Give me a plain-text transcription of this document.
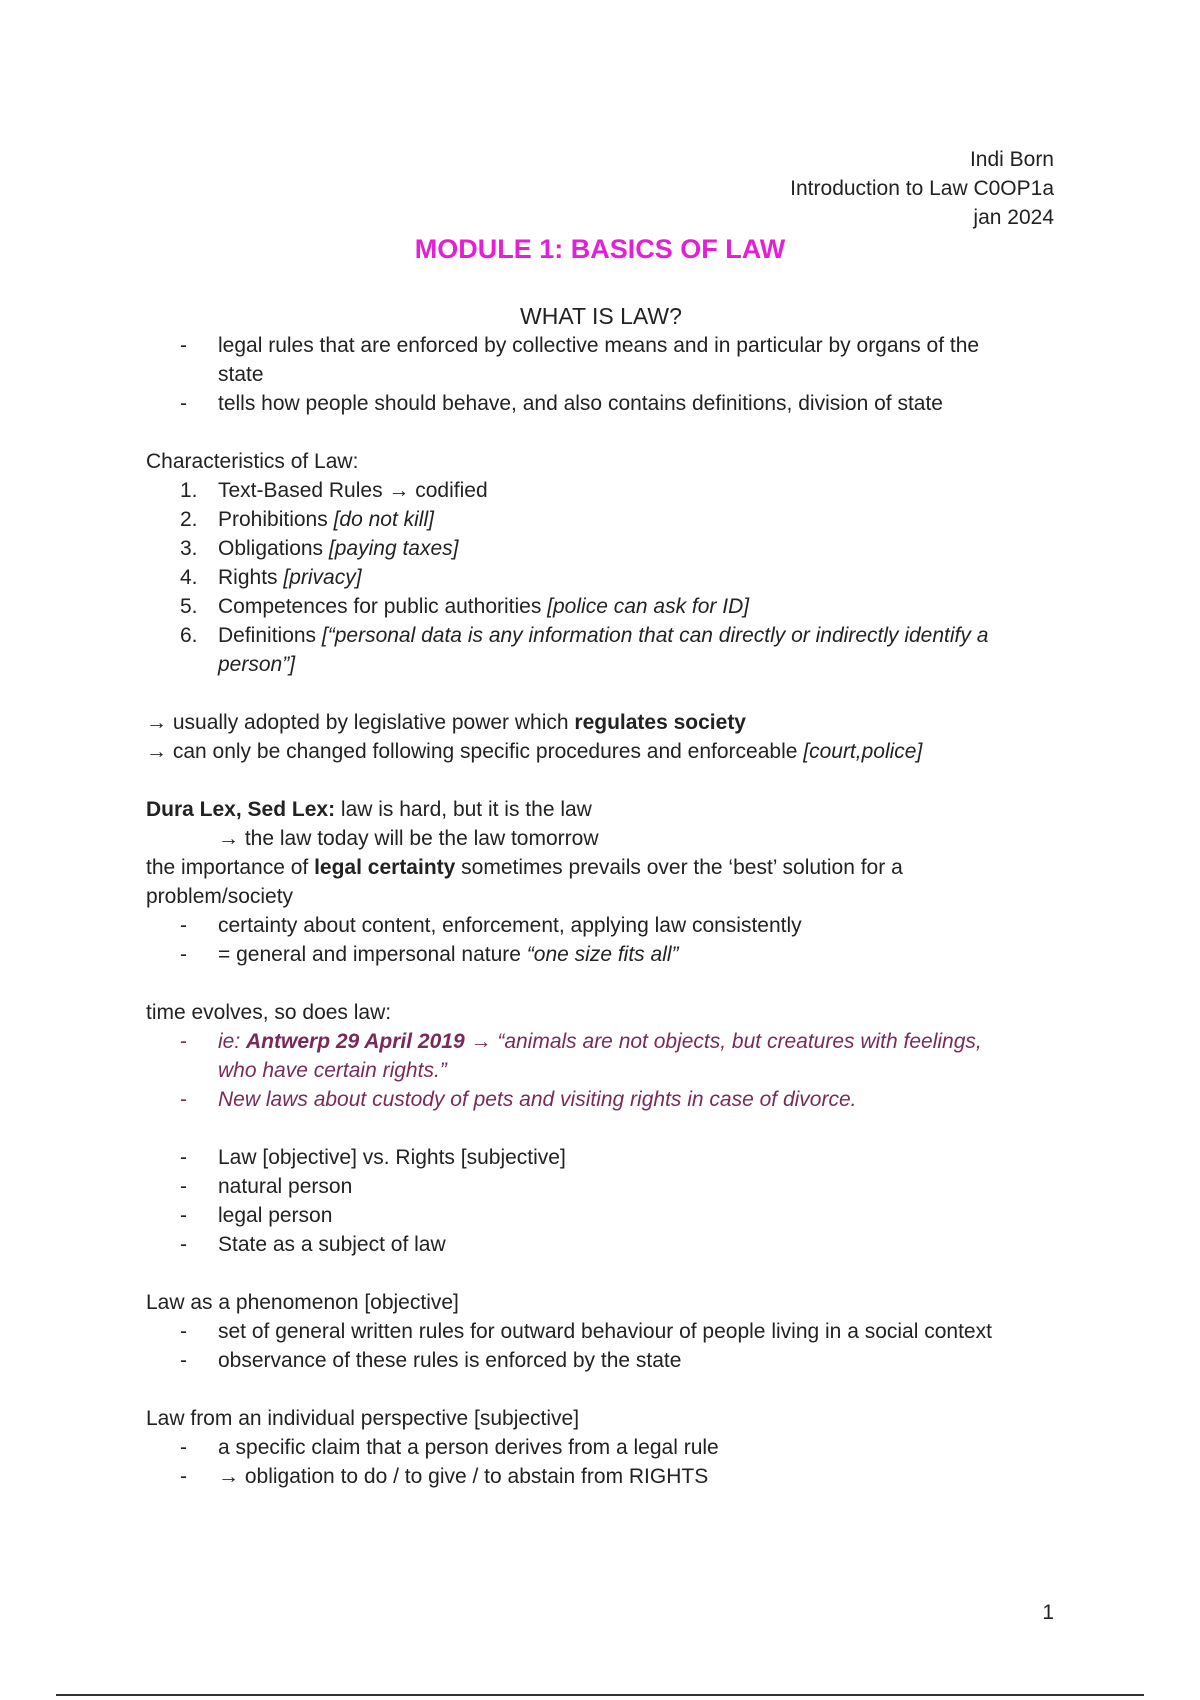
Indi Born
Introduction to Law C0OP1a
jan 2024
MODULE 1: BASICS OF LAW
WHAT IS LAW?
- legal rules that are enforced by collective means and in particular by organs of the
state
- tells how people should behave, and also contains definitions, division of state
Characteristics of Law:
1. Text-Based Rules → codified
2. Prohibitions [do not kill]
3. Obligations [paying taxes]
4. Rights [privacy]
5. Competences for public authorities [police can ask for ID]
6. Definitions [“personal data is any information that can directly or indirectly identify a
person”]
→ usually adopted by legislative power which regulates society
→ can only be changed following specific procedures and enforceable [court,police]
Dura Lex, Sed Lex: law is hard, but it is the law
→ the law today will be the law tomorrow
the importance of legal certainty sometimes prevails over the ‘best’ solution for a
problem/society
- certainty about content, enforcement, applying law consistently
- = general and impersonal nature “one size fits all”
time evolves, so does law:
- ie: Antwerp 29 April 2019 → “animals are not objects, but creatures with feelings,
who have certain rights.”
- New laws about custody of pets and visiting rights in case of divorce.
- Law [objective] vs. Rights [subjective]
- natural person
- legal person
- State as a subject of law
Law as a phenomenon [objective]
- set of general written rules for outward behaviour of people living in a social context
- observance of these rules is enforced by the state
Law from an individual perspective [subjective]
- a specific claim that a person derives from a legal rule
- → obligation to do / to give / to abstain from RIGHTS
1
